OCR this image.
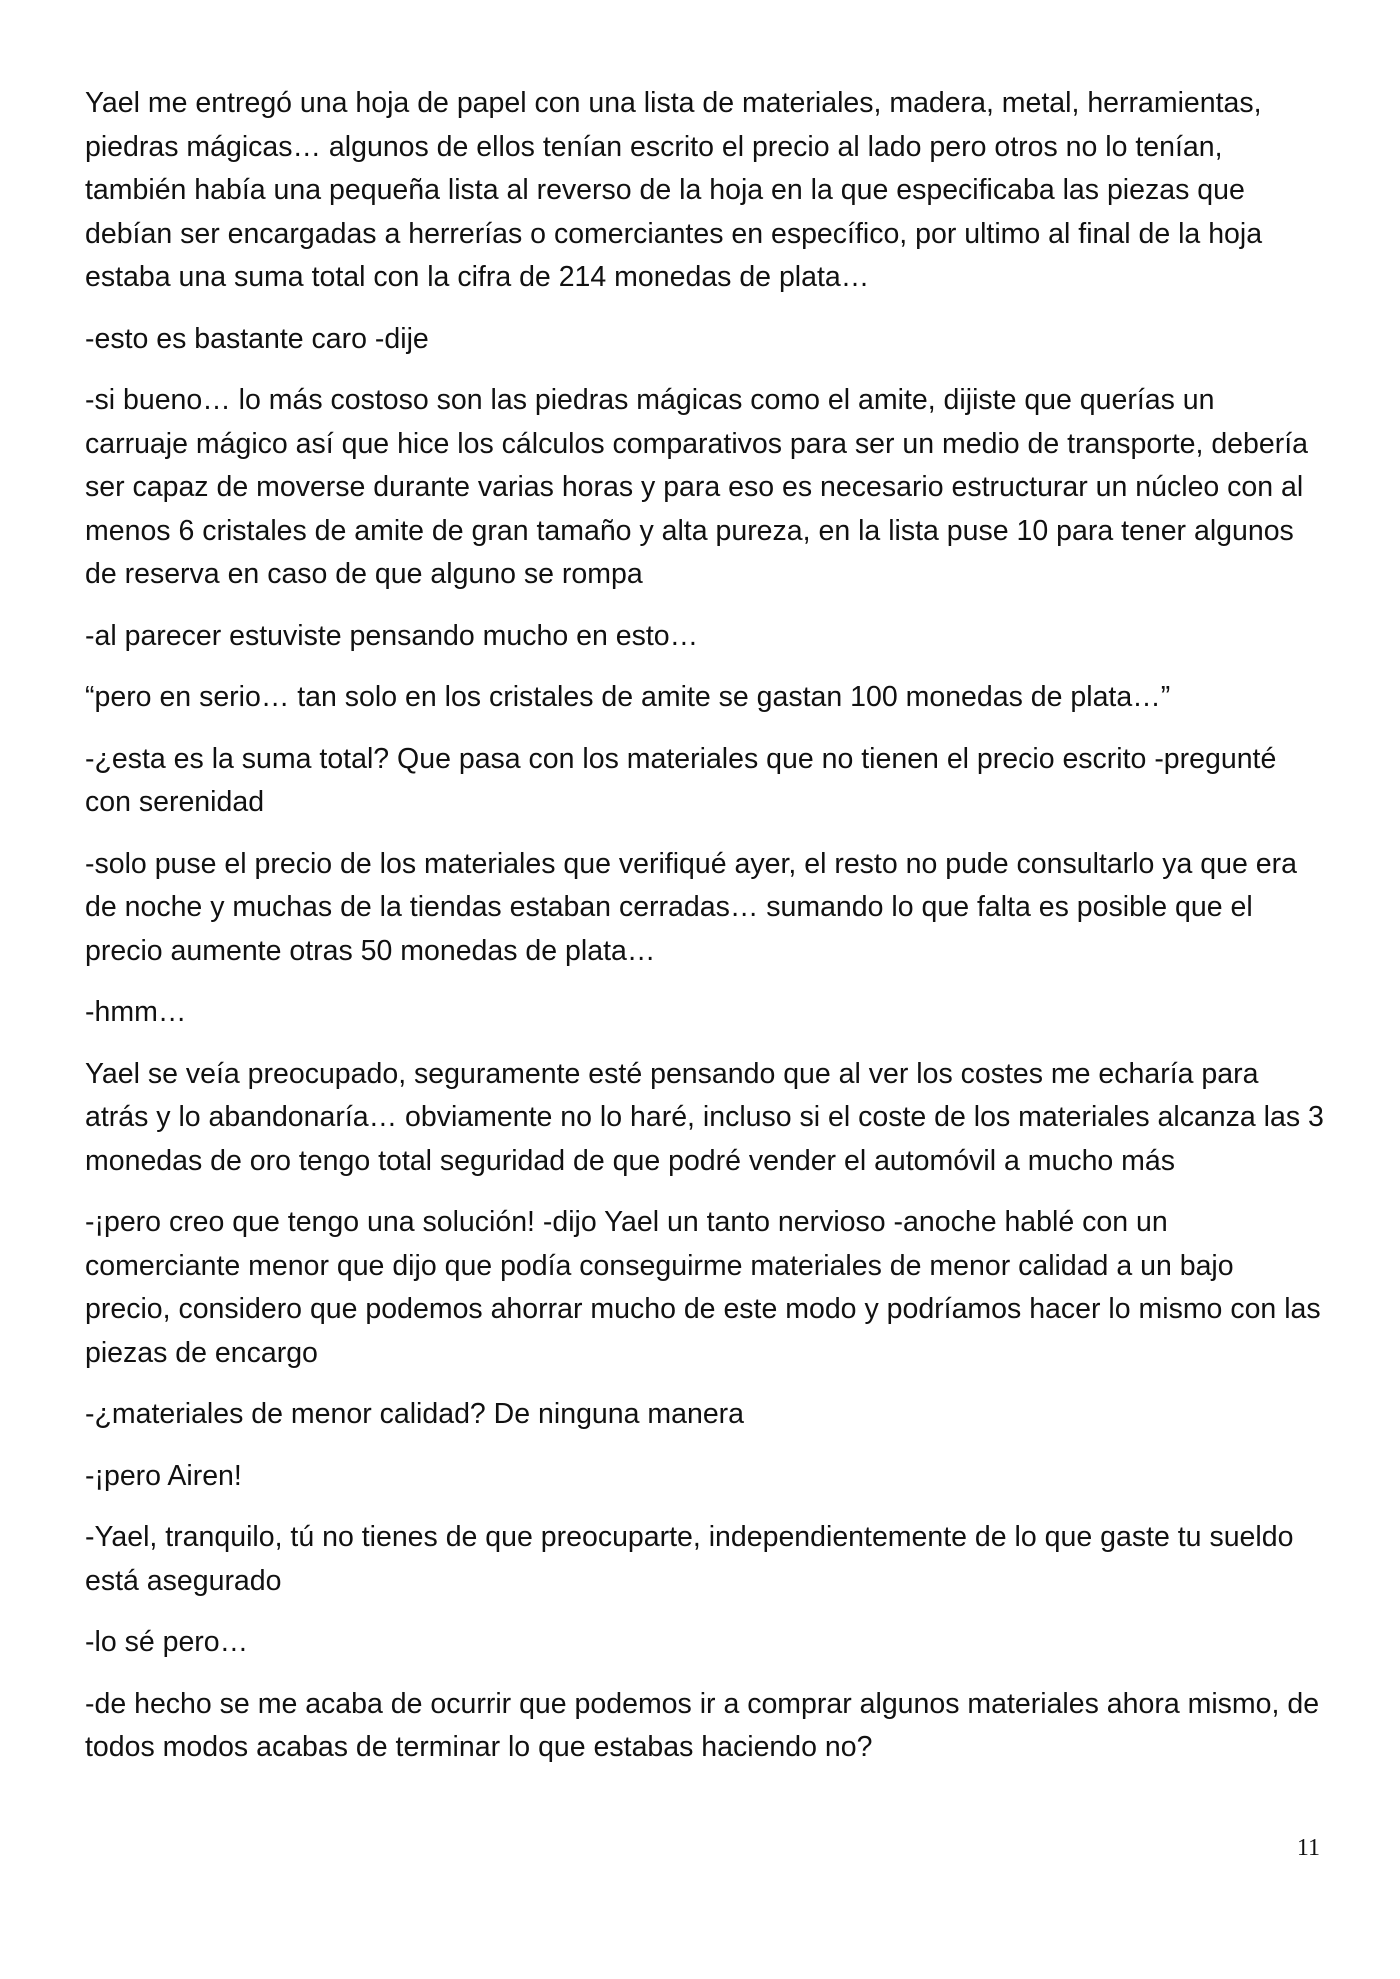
Yael me entregó una hoja de papel con una lista de materiales, madera, metal, herramientas, piedras mágicas… algunos de ellos tenían escrito el precio al lado pero otros no lo tenían, también había una pequeña lista al reverso de la hoja en la que especificaba las piezas que debían ser encargadas a herrerías o comerciantes en específico, por ultimo al final de la hoja estaba una suma total con la cifra de 214 monedas de plata…

-esto es bastante caro -dije

-si bueno… lo más costoso son las piedras mágicas como el amite, dijiste que querías un carruaje mágico así que hice los cálculos comparativos para ser un medio de transporte, debería ser capaz de moverse durante varias horas y para eso es necesario estructurar un núcleo con al menos 6 cristales de amite de gran tamaño y alta pureza, en la lista puse 10 para tener algunos de reserva en caso de que alguno se rompa

-al parecer estuviste pensando mucho en esto…

“pero en serio… tan solo en los cristales de amite se gastan 100 monedas de plata…”

-¿esta es la suma total? Que pasa con los materiales que no tienen el precio escrito -pregunté con serenidad

-solo puse el precio de los materiales que verifiqué ayer, el resto no pude consultarlo ya que era de noche y muchas de la tiendas estaban cerradas… sumando lo que falta es posible que el precio aumente otras 50 monedas de plata…

-hmm…

Yael se veía preocupado, seguramente esté pensando que al ver los costes me echaría para atrás y lo abandonaría… obviamente no lo haré, incluso si el coste de los materiales alcanza las 3 monedas de oro tengo total seguridad de que podré vender el automóvil a mucho más

-¡pero creo que tengo una solución! -dijo Yael un tanto nervioso -anoche hablé con un comerciante menor que dijo que podía conseguirme materiales de menor calidad a un bajo precio, considero que podemos ahorrar mucho de este modo y podríamos hacer lo mismo con las piezas de encargo

-¿materiales de menor calidad? De ninguna manera

-¡pero Airen!

-Yael, tranquilo, tú no tienes de que preocuparte, independientemente de lo que gaste tu sueldo está asegurado

-lo sé pero…

-de hecho se me acaba de ocurrir que podemos ir a comprar algunos materiales ahora mismo, de todos modos acabas de terminar lo que estabas haciendo no?

11
